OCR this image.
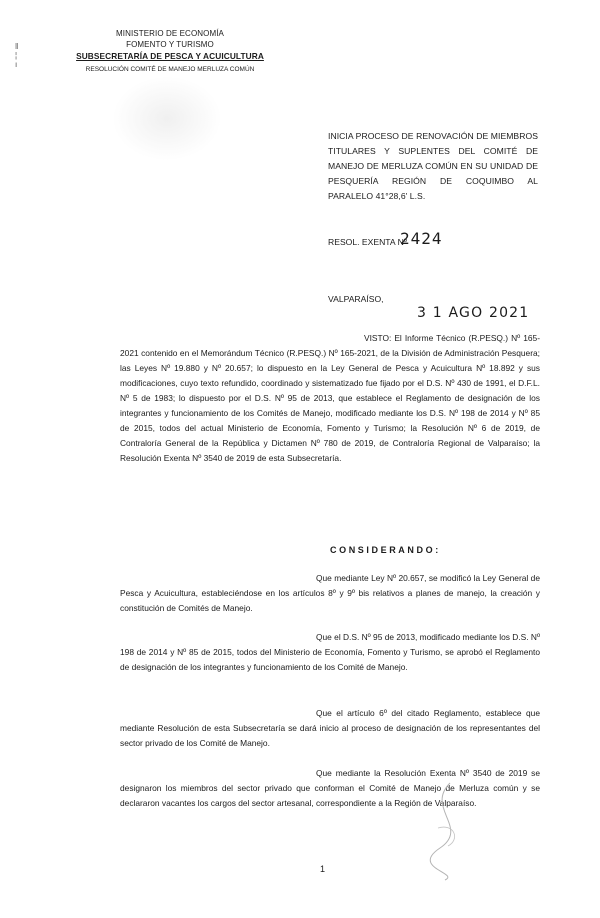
‖
¦
ı
MINISTERIO DE ECONOMÍA
FOMENTO Y TURISMO
SUBSECRETARÍA DE PESCA Y ACUICULTURA
RESOLUCIÓN COMITÉ DE MANEJO MERLUZA COMÚN
INICIA PROCESO DE RENOVACIÓN DE MIEMBROS TITULARES Y SUPLENTES DEL COMITÉ DE MANEJO DE MERLUZA COMÚN EN SU UNIDAD DE PESQUERÍA REGIÓN DE COQUIMBO AL PARALELO 41°28,6' L.S.
RESOL. EXENTA Nº
2424
VALPARAÍSO,
3 1 AGO 2021
VISTO: El Informe Técnico (R.PESQ.) Nº 165-2021 contenido en el Memorándum Técnico (R.PESQ.) Nº 165-2021, de la División de Administración Pesquera; las Leyes Nº 19.880 y Nº 20.657; lo dispuesto en la Ley General de Pesca y Acuicultura Nº 18.892 y sus modificaciones, cuyo texto refundido, coordinado y sistematizado fue fijado por el D.S. Nº 430 de 1991, el D.F.L. Nº 5 de 1983; lo dispuesto por el D.S. Nº 95 de 2013, que establece el Reglamento de designación de los integrantes y funcionamiento de los Comités de Manejo, modificado mediante los D.S. Nº 198 de 2014 y Nº 85 de 2015, todos del actual Ministerio de Economía, Fomento y Turismo; la Resolución Nº 6 de 2019, de Contraloría General de la República y Dictamen Nº 780 de 2019, de Contraloría Regional de Valparaíso; la Resolución Exenta Nº 3540 de 2019 de esta Subsecretaría.
CONSIDERANDO:
Que mediante Ley Nº 20.657, se modificó la Ley General de Pesca y Acuicultura, estableciéndose en los artículos 8º y 9º bis relativos a planes de manejo, la creación y constitución de Comités de Manejo.
Que el D.S. Nº 95 de 2013, modificado mediante los D.S. Nº 198 de 2014 y Nº 85 de 2015, todos del Ministerio de Economía, Fomento y Turismo, se aprobó el Reglamento de designación de los integrantes y funcionamiento de los Comité de Manejo.
Que el artículo 6º del citado Reglamento, establece que mediante Resolución de esta Subsecretaría se dará inicio al proceso de designación de los representantes del sector privado de los Comité de Manejo.
Que mediante la Resolución Exenta Nº 3540 de 2019 se designaron los miembros del sector privado que conforman el Comité de Manejo de Merluza común y se declararon vacantes los cargos del sector artesanal, correspondiente a la Región de Valparaíso.
1
